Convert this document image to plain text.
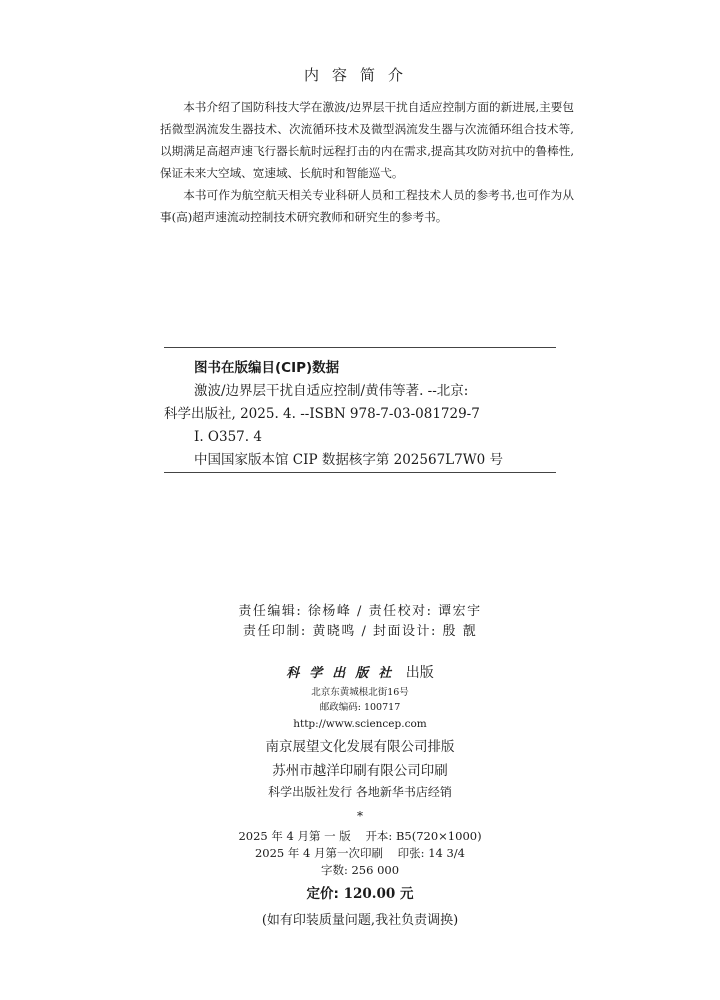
内容简介

本书介绍了国防科技大学在激波/边界层干扰自适应控制方面的新进展,主要包括微型涡流发生器技术、次流循环技术及微型涡流发生器与次流循环组合技术等,以期满足高超声速飞行器长航时远程打击的内在需求,提高其攻防对抗中的鲁棒性,保证未来大空域、宽速域、长航时和智能巡弋。

本书可作为航空航天相关专业科研人员和工程技术人员的参考书,也可作为从事(高)超声速流动控制技术研究教师和研究生的参考书。

图书在版编目(CIP)数据
激波/边界层干扰自适应控制/黄伟等著. --北京:
科学出版社, 2025. 4. --ISBN 978-7-03-081729-7
Ⅰ. O357. 4
中国国家版本馆 CIP 数据核字第 202567L7W0 号
责任编辑: 徐杨峰 / 责任校对: 谭宏宇
责任印制: 黄晓鸣 / 封面设计: 殷 靓
科学出版社 出版
北京东黄城根北街16号
邮政编码: 100717
http://www.sciencep.com
南京展望文化发展有限公司排版
苏州市越洋印刷有限公司印刷
科学出版社发行 各地新华书店经销
*
2025 年 4 月第 一 版 开本: B5(720×1000)
2025 年 4 月第一次印刷 印张: 14 3/4
字数: 256 000
定价: 120.00 元
(如有印装质量问题,我社负责调换)
